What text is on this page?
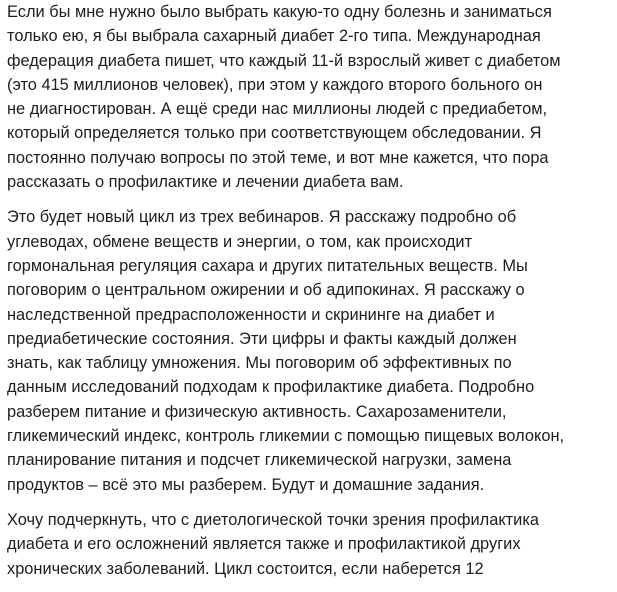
Если бы мне нужно было выбрать какую-то одну болезнь и заниматься
только ею, я бы выбрала сахарный диабет 2-го типа. Международная
федерация диабета пишет, что каждый 11-й взрослый живет с диабетом
(это 415 миллионов человек), при этом у каждого второго больного он
не диагностирован. А ещё среди нас миллионы людей с предиабетом,
который определяется только при соответствующем обследовании. Я
постоянно получаю вопросы по этой теме, и вот мне кажется, что пора
рассказать о профилактике и лечении диабета вам.

Это будет новый цикл из трех вебинаров. Я расскажу подробно об
углеводах, обмене веществ и энергии, о том, как происходит
гормональная регуляция сахара и других питательных веществ. Мы
поговорим о центральном ожирении и об адипокинах. Я расскажу о
наследственной предрасположенности и скрининге на диабет и
предиабетические состояния. Эти цифры и факты каждый должен
знать, как таблицу умножения. Мы поговорим об эффективных по
данным исследований подходам к профилактике диабета. Подробно
разберем питание и физическую активность. Сахарозаменители,
гликемический индекс, контроль гликемии с помощью пищевых волокон,
планирование питания и подсчет гликемической нагрузки, замена
продуктов – всё это мы разберем. Будут и домашние задания.

Хочу подчеркнуть, что с диетологической точки зрения профилактика
диабета и его осложнений является также и профилактикой других
хронических заболеваний. Цикл состоится, если наберется 12
